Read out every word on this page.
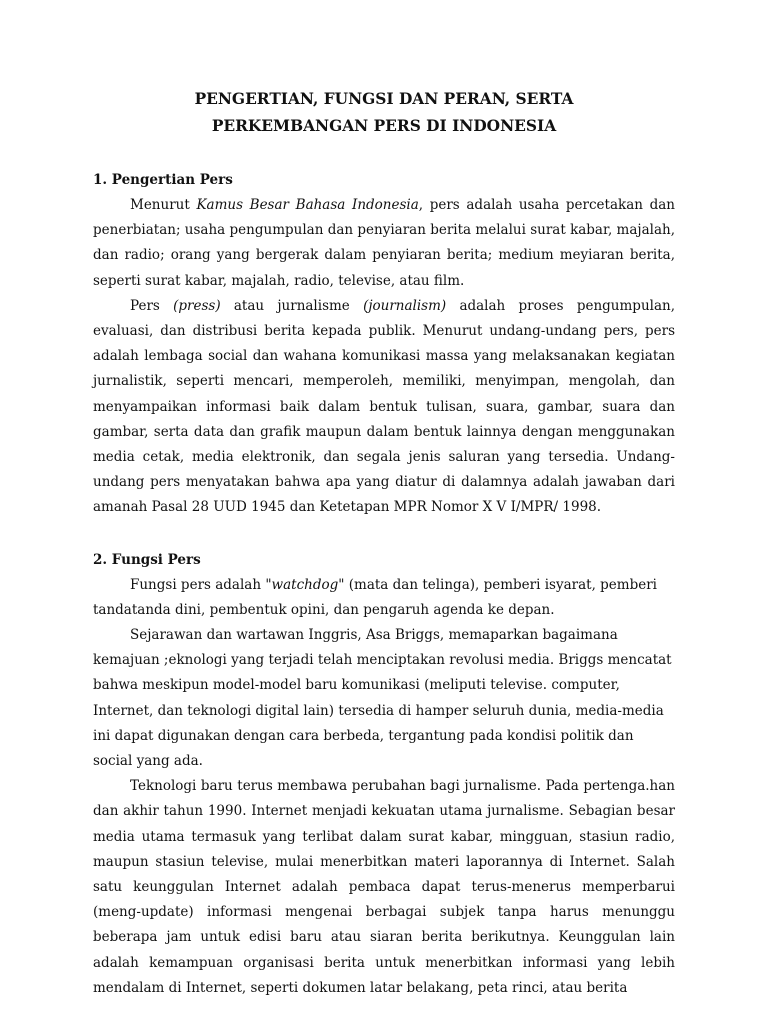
PENGERTIAN, FUNGSI DAN PERAN, SERTA
PERKEMBANGAN PERS DI INDONESIA
1. Pengertian Pers

Menurut Kamus Besar Bahasa Indonesia, pers adalah usaha percetakan dan penerbiatan; usaha pengumpulan dan penyiaran berita melalui surat kabar, majalah, dan radio; orang yang bergerak dalam penyiaran berita; medium meyiaran berita, seperti surat kabar, majalah, radio, televise, atau film.

Pers (press) atau jurnalisme (journalism) adalah proses pengumpulan, evaluasi, dan distribusi berita kepada publik. Menurut undang-undang pers, pers adalah lembaga social dan wahana komunikasi massa yang melaksanakan kegiatan jurnalistik, seperti mencari, memperoleh, memiliki, menyimpan, mengolah, dan menyampaikan informasi baik dalam bentuk tulisan, suara, gambar, suara dan gambar, serta data dan grafik maupun dalam bentuk lainnya dengan menggunakan media cetak, media elektronik, dan segala jenis saluran yang tersedia. Undang-undang pers menyatakan bahwa apa yang diatur di dalamnya adalah jawaban dari amanah Pasal 28 UUD 1945 dan Ketetapan MPR Nomor X V I/MPR/ 1998.

2. Fungsi Pers

Fungsi pers adalah "watchdog" (mata dan telinga), pemberi isyarat, pemberi tandatanda dini, pembentuk opini, dan pengaruh agenda ke depan.

Sejarawan dan wartawan Inggris, Asa Briggs, memaparkan bagaimana kemajuan ;eknologi yang terjadi telah menciptakan revolusi media. Briggs mencatat bahwa meskipun model-model baru komunikasi (meliputi televise. computer, Internet, dan teknologi digital lain) tersedia di hamper seluruh dunia, media-media ini dapat digunakan dengan cara berbeda, tergantung pada kondisi politik dan social yang ada.

Teknologi baru terus membawa perubahan bagi jurnalisme. Pada pertenga.han dan akhir tahun 1990. Internet menjadi kekuatan utama jurnalisme. Sebagian besar media utama termasuk yang terlibat dalam surat kabar, mingguan, stasiun radio, maupun stasiun televise, mulai menerbitkan materi laporannya di Internet. Salah satu keunggulan Internet adalah pembaca dapat terus-menerus memperbarui (meng-update) informasi mengenai berbagai subjek tanpa harus menunggu beberapa jam untuk edisi baru atau siaran berita berikutnya. Keunggulan lain adalah kemampuan organisasi berita untuk menerbitkan informasi yang lebih mendalam di Internet, seperti dokumen latar belakang, peta rinci, atau berita
